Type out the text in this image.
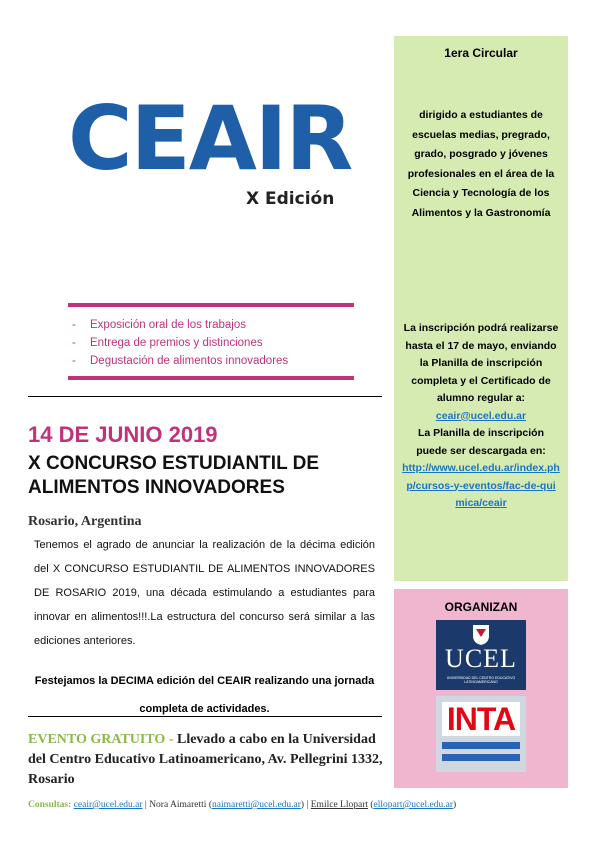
CEAIR
X Edición
- Exposición oral de los trabajos
- Entrega de premios y distinciones
- Degustación de alimentos innovadores
14 DE JUNIO 2019
X CONCURSO ESTUDIANTIL DE ALIMENTOS INNOVADORES
Rosario, Argentina
Tenemos el agrado de anunciar la realización de la décima edición del X CONCURSO ESTUDIANTIL DE ALIMENTOS INNOVADORES DE ROSARIO 2019, una década estimulando a estudiantes para innovar en alimentos!!!.La estructura del concurso será similar a las ediciones anteriores.
Festejamos la DECIMA edición del CEAIR realizando una jornada completa de actividades.
EVENTO GRATUITO - Llevado a cabo en la Universidad del Centro Educativo Latinoamericano, Av. Pellegrini 1332, Rosario
Consultas: ceair@ucel.edu.ar | Nora Aimaretti (naimaretti@ucel.edu.ar) | Emilce Llopart (ellopart@ucel.edu.ar)
1era Circular
dirigido a estudiantes de escuelas medias, pregrado, grado, posgrado y jóvenes profesionales en el área de la Ciencia y Tecnología de los Alimentos y la Gastronomía
La inscripción podrá realizarse hasta el 17 de mayo, enviando la Planilla de inscripción completa y el Certificado de alumno regular a:
ceair@ucel.edu.ar
La Planilla de inscripción puede ser descargada en:
http://www.ucel.edu.ar/index.php/cursos-y-eventos/fac-de-quimica/ceair
ORGANIZAN
UCEL
UNIVERSIDAD DEL CENTRO EDUCATIVO LATINOAMERICANO
INTA
